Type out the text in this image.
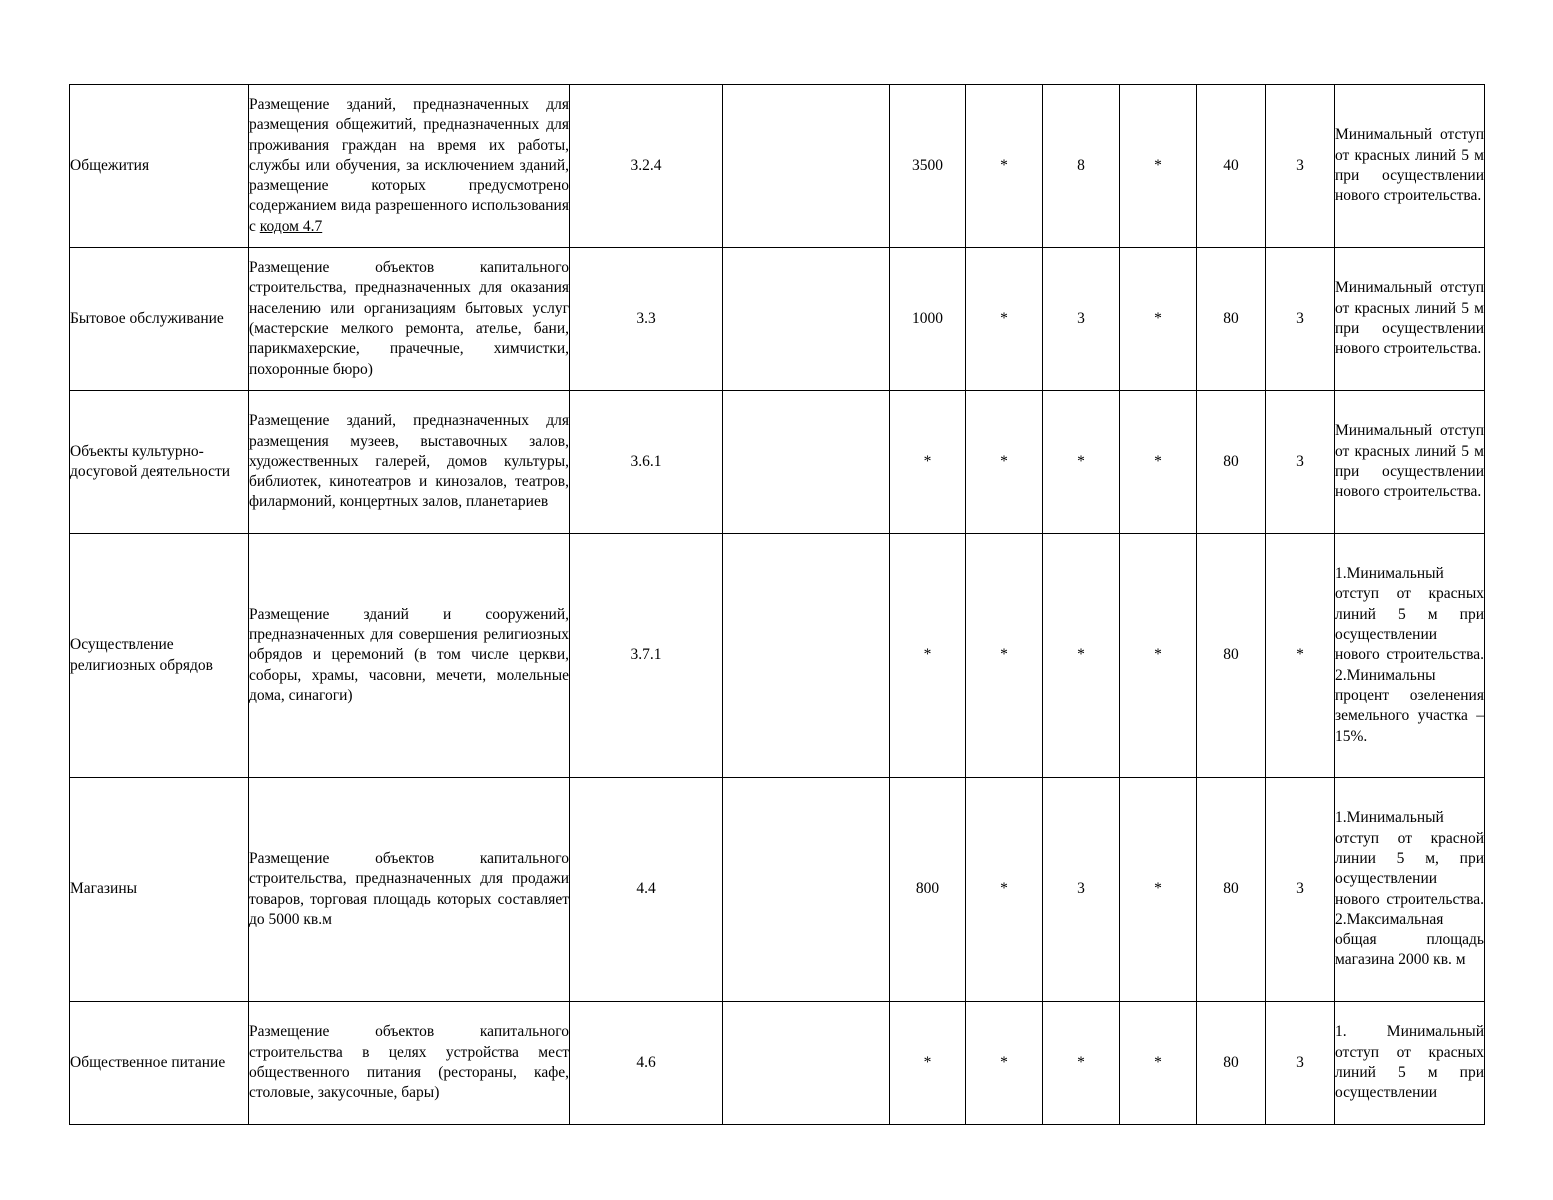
Общежития	Размещение зданий, предназначенных для размещения общежитий, предназначенных для проживания граждан на время их работы, службы или обучения, за исключением зданий, размещение которых предусмотрено содержанием вида разрешенного использования с кодом 4.7	3.2.4		3500	*	8	*	40	3	Минимальный отступ от красных линий 5 м при осуществлении нового строительства.
Бытовое обслуживание	Размещение объектов капитального строительства, предназначенных для оказания населению или организациям бытовых услуг (мастерские мелкого ремонта, ателье, бани, парикмахерские, прачечные, химчистки, похоронные бюро)	3.3		1000	*	3	*	80	3	Минимальный отступ от красных линий 5 м при осуществлении нового строительства.
Объекты культурно-досуговой деятельности	Размещение зданий, предназначенных для размещения музеев, выставочных залов, художественных галерей, домов культуры, библиотек, кинотеатров и кинозалов, театров, филармоний, концертных залов, планетариев	3.6.1		*	*	*	*	80	3	Минимальный отступ от красных линий 5 м при осуществлении нового строительства.
Осуществление религиозных обрядов	Размещение зданий и сооружений, предназначенных для совершения религиозных обрядов и церемоний (в том числе церкви, соборы, храмы, часовни, мечети, молельные дома, синагоги)	3.7.1		*	*	*	*	80	*	1.Минимальный отступ от красных линий 5 м при осуществлении нового строительства. 2.Минимальны процент озеленения земельного участка – 15%.
Магазины	Размещение объектов капитального строительства, предназначенных для продажи товаров, торговая площадь которых составляет до 5000 кв.м	4.4		800	*	3	*	80	3	1.Минимальный отступ от красной линии 5 м, при осуществлении нового строительства. 2.Максимальная общая площадь магазина 2000 кв. м
Общественное питание	Размещение объектов капитального строительства в целях устройства мест общественного питания (рестораны, кафе, столовые, закусочные, бары)	4.6		*	*	*	*	80	3	1. Минимальный отступ от красных линий 5 м при осуществлении
